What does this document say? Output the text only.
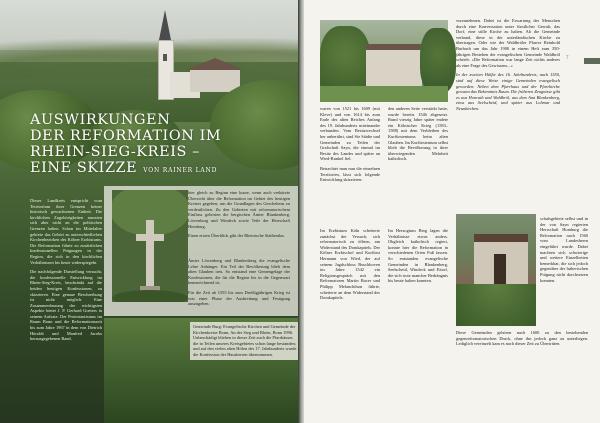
AUSWIRKUNGEN
DER REFORMATION IM
RHEIN-SIEG-KREIS –
EINE SKIZZE VON RAINER LAND

Dieser Landkreis entspricht vom Territorium ihrer Grenzen keiner historisch gewachsenen Einheit. Die kirchlichen Zugehörigkeiten mussten sich aber nicht an die politischen Grenzen halten. Schon im Mittelalter gehörte das Gebiet zu unterschiedlichen Kirchenbezirken des Kölner Erzbistums. Die Reformation führte zu zusätzlichen konfessionellen Prägungen in der Region, die sich in den kirchlichen Verhältnissen bis heute widerspiegeln.

Die nachfolgende Darstellung versucht, die konfessionelle Entwicklung im Rhein-Sieg-Kreis, beschränkt auf die beiden heutigen Konfessionen, zu skizzieren. Eine genaue Beschreibung ist nicht möglich. Eine Zusammenfassung der wichtigsten Aspekte bietet J. P. Gerhard Goeters in seinem Aufsatz: Der Protestantismus im Raum Bonn und die Reformationszeit bis zum Jahre 1967 in dem von Dietrich Höroldt und Manfred Jacobs herausgegebenen Band.

hier gleich zu Beginn eine kurze, wenn auch verkürzte Übersicht über die Reformation im Gebiet des heutigen Kreises gegeben, um die Grundlagen des Geschehens zu verdeutlichen. Zu den Gebieten mit reformatorischem Einfluss gehörten die bergischen Ämter Blankenberg, Löwenburg und Windeck sowie Teile der Herrschaft Homburg.

Einen ersten Überblick gibt der Rheinische Städteatlas.

Ämter Löwenberg und Blankenberg die evangelische Lehre Anhänger. Ein Teil der Bevölkerung blieb dem alten Glauben treu. So entstand eine Gemengelage der Konfessionen, die für die Region bis in die Gegenwart kennzeichnend ist.

Für die Zeit ab 1555 bis zum Dreißigjährigen Krieg ist von einer Phase der Ausbreitung und Festigung auszugehen.

Gemeinde Burg: Evangelische Kirchen und Gemeinde der Kirchenkreise Bonn, An der Sieg und Rhein, Bonn 1996. Unbeschädigt blieben in dieser Zeit auch die Pfarrhäuser, die in Teilen unseres Kreisgebietes schon lange bestanden; und auf den vielen alten Höfen des 17. Jahrhunderts wurde die Konfession der Hausherren übernommen.

waren von 1521 bis 1609 (mit Kleve) und von 1614 bis zum Ende des alten Reiches Anfang des 19. Jahrhunderts miteinander verbunden. Vom Besitzwechsel her unberührt, sind Sie Städte und Gemeinden zu Teilen der Grafschaft Sayn, die einmal im Besitz des Landes und später an Wied-Runkel fiel.

Betrachtet man nun die einzelnen Territorien, lässt sich folgende Entwicklung skizzieren:

Im Erzbistum Köln scheiterte zunächst der Versuch, sich reformatorisch zu öffnen, am Widerstand des Domkapitels. Der Kölner Erzbischof und Kurfürst Hermann von Wied, der auf seinem Jagdschloss Buschhoven im Jahre 1542 ein Religionsgespräch mit den Reformatoren Martin Bucer und Philipp Melanchthon führte, scheiterte an dem Widerstand des Domkapitels.

den anderen Seite verstärkt hatte, wurde bereits 1546 abgesetzt. Rund vierzig Jahre später endete ein Kölnischer Krieg (1583–1588) mit dem Verbleiben des Kurfürstentums beim alten Glauben. Im Kurfürstentum selbst blieb die Bevölkerung in ihrer überwiegenden Mehrheit katholisch.

Im Herzogtum Berg lagen die Verhältnisse etwas anders. Obgleich katholisch regiert, konnte hier die Reformation in verschiedenen Orten Fuß fassen. So entstanden evangelische Gemeinden in Blankenberg, Seelscheid, Windeck und Eitorf, die sich trotz mancher Bedrängnis bis heute halten konnten.

vorzunehmen. Dabei ist die Erwartung des Menschen durch eine Konversation unter fürstlicher Gewalt, das Dorf, eine stille Kirche zu halten. Ab die Gemeinde verband, diese in der unterländischen Kirche zu übertragen. Oder wie der Waldbröler Pfarrer Reinhold Burbach um das Jahr 1900 in einem Heft zum 350-jährigen Bestehen der evangelischen Gemeinde Waldbröl schrieb: »Die Reformation war lange Zeit nichts anderes als eine Frage des Gewissens...«

In der zweiten Hälfte des 16. Jahrhunderts, nach 1550, sind auf diese Weise einige Gemeinden evangelisch geworden: Neben dem Pfarrhaus und der Pfarrkirche gewann das Bekenntnis Raum. Die früheren Zeugnisse gibt es aus Honrath und Waldbröl, aus dem Amt Blankenberg, etwa aus Seelscheid, und später aus Lohmar und Neunkirchen.

7

schafsgebiete selbst und in der von Sayn regierten Herrschaft Homburg die Reformation nach 1560 vom Landesherrn eingeführt wurde. Dabei machten sich schwierige und weitere Einzelheiten bemerkbar, die sich jedoch gegenüber der lutherischen Prägung nicht durchsetzen konnten.

Diese Gemeinden gehören nach 1600 zu den bestehenden gegenreformatorischen Druck, ohne ihn jedoch ganz zu unterliegen. Lediglich vereinzelt kam es nach dieser Zeit zu Übertritten.
